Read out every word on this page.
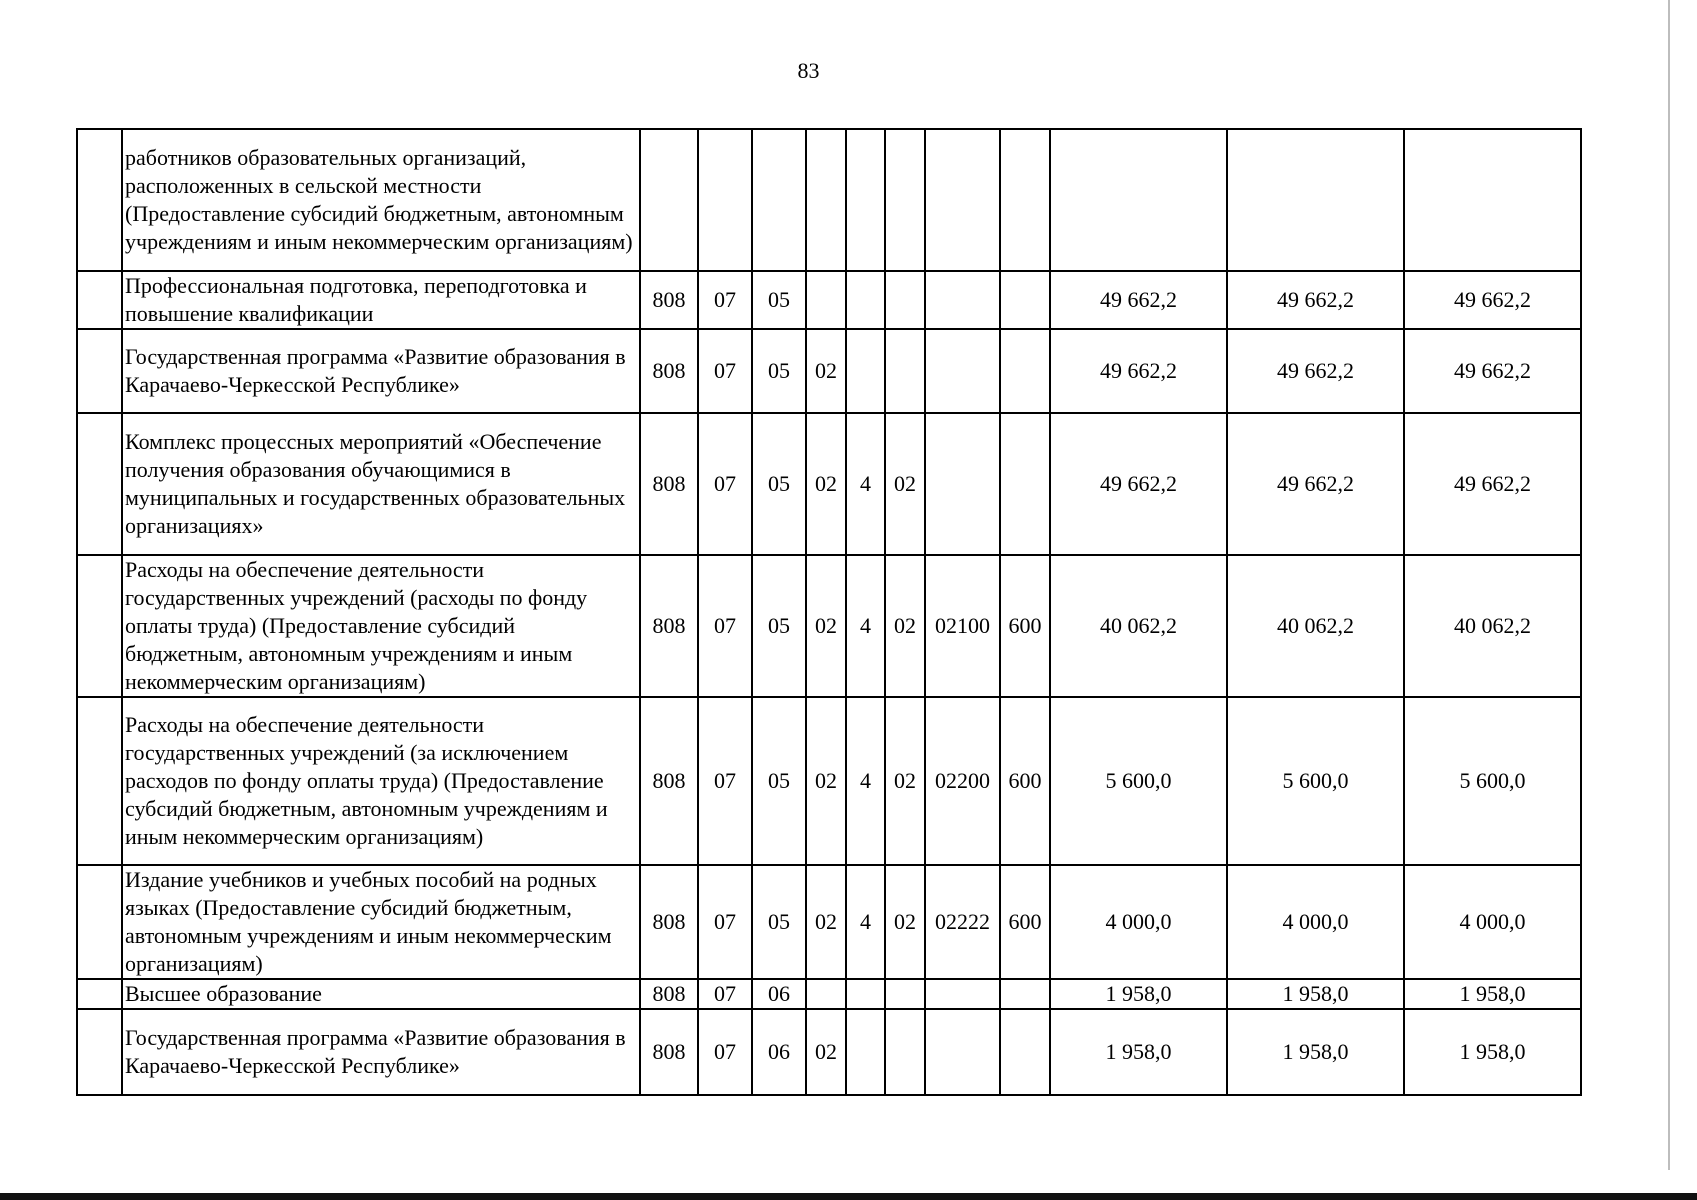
83
	работников образовательных организаций, расположенных в сельской местности (Предоставление субсидий бюджетным, автономным учреждениям и иным некоммерческим организациям)											
	Профессиональная подготовка, переподготовка и повышение квалификации	808	07	05						49 662,2	49 662,2	49 662,2
	Государственная программа «Развитие образования в Карачаево-Черкесской Республике»	808	07	05	02					49 662,2	49 662,2	49 662,2
	Комплекс процессных мероприятий «Обеспечение получения образования обучающимися в муниципальных и государственных образовательных организациях»	808	07	05	02	4	02			49 662,2	49 662,2	49 662,2
	Расходы на обеспечение деятельности государственных учреждений (расходы по фонду оплаты труда) (Предоставление субсидий бюджетным, автономным учреждениям и иным некоммерческим организациям)	808	07	05	02	4	02	02100	600	40 062,2	40 062,2	40 062,2
	Расходы на обеспечение деятельности государственных учреждений (за исключением расходов по фонду оплаты труда) (Предоставление субсидий бюджетным, автономным учреждениям и иным некоммерческим организациям)	808	07	05	02	4	02	02200	600	5 600,0	5 600,0	5 600,0
	Издание учебников и учебных пособий на родных языках (Предоставление субсидий бюджетным, автономным учреждениям и иным некоммерческим организациям)	808	07	05	02	4	02	02222	600	4 000,0	4 000,0	4 000,0
	Высшее образование	808	07	06						1 958,0	1 958,0	1 958,0
	Государственная программа «Развитие образования в Карачаево-Черкесской Республике»	808	07	06	02					1 958,0	1 958,0	1 958,0
